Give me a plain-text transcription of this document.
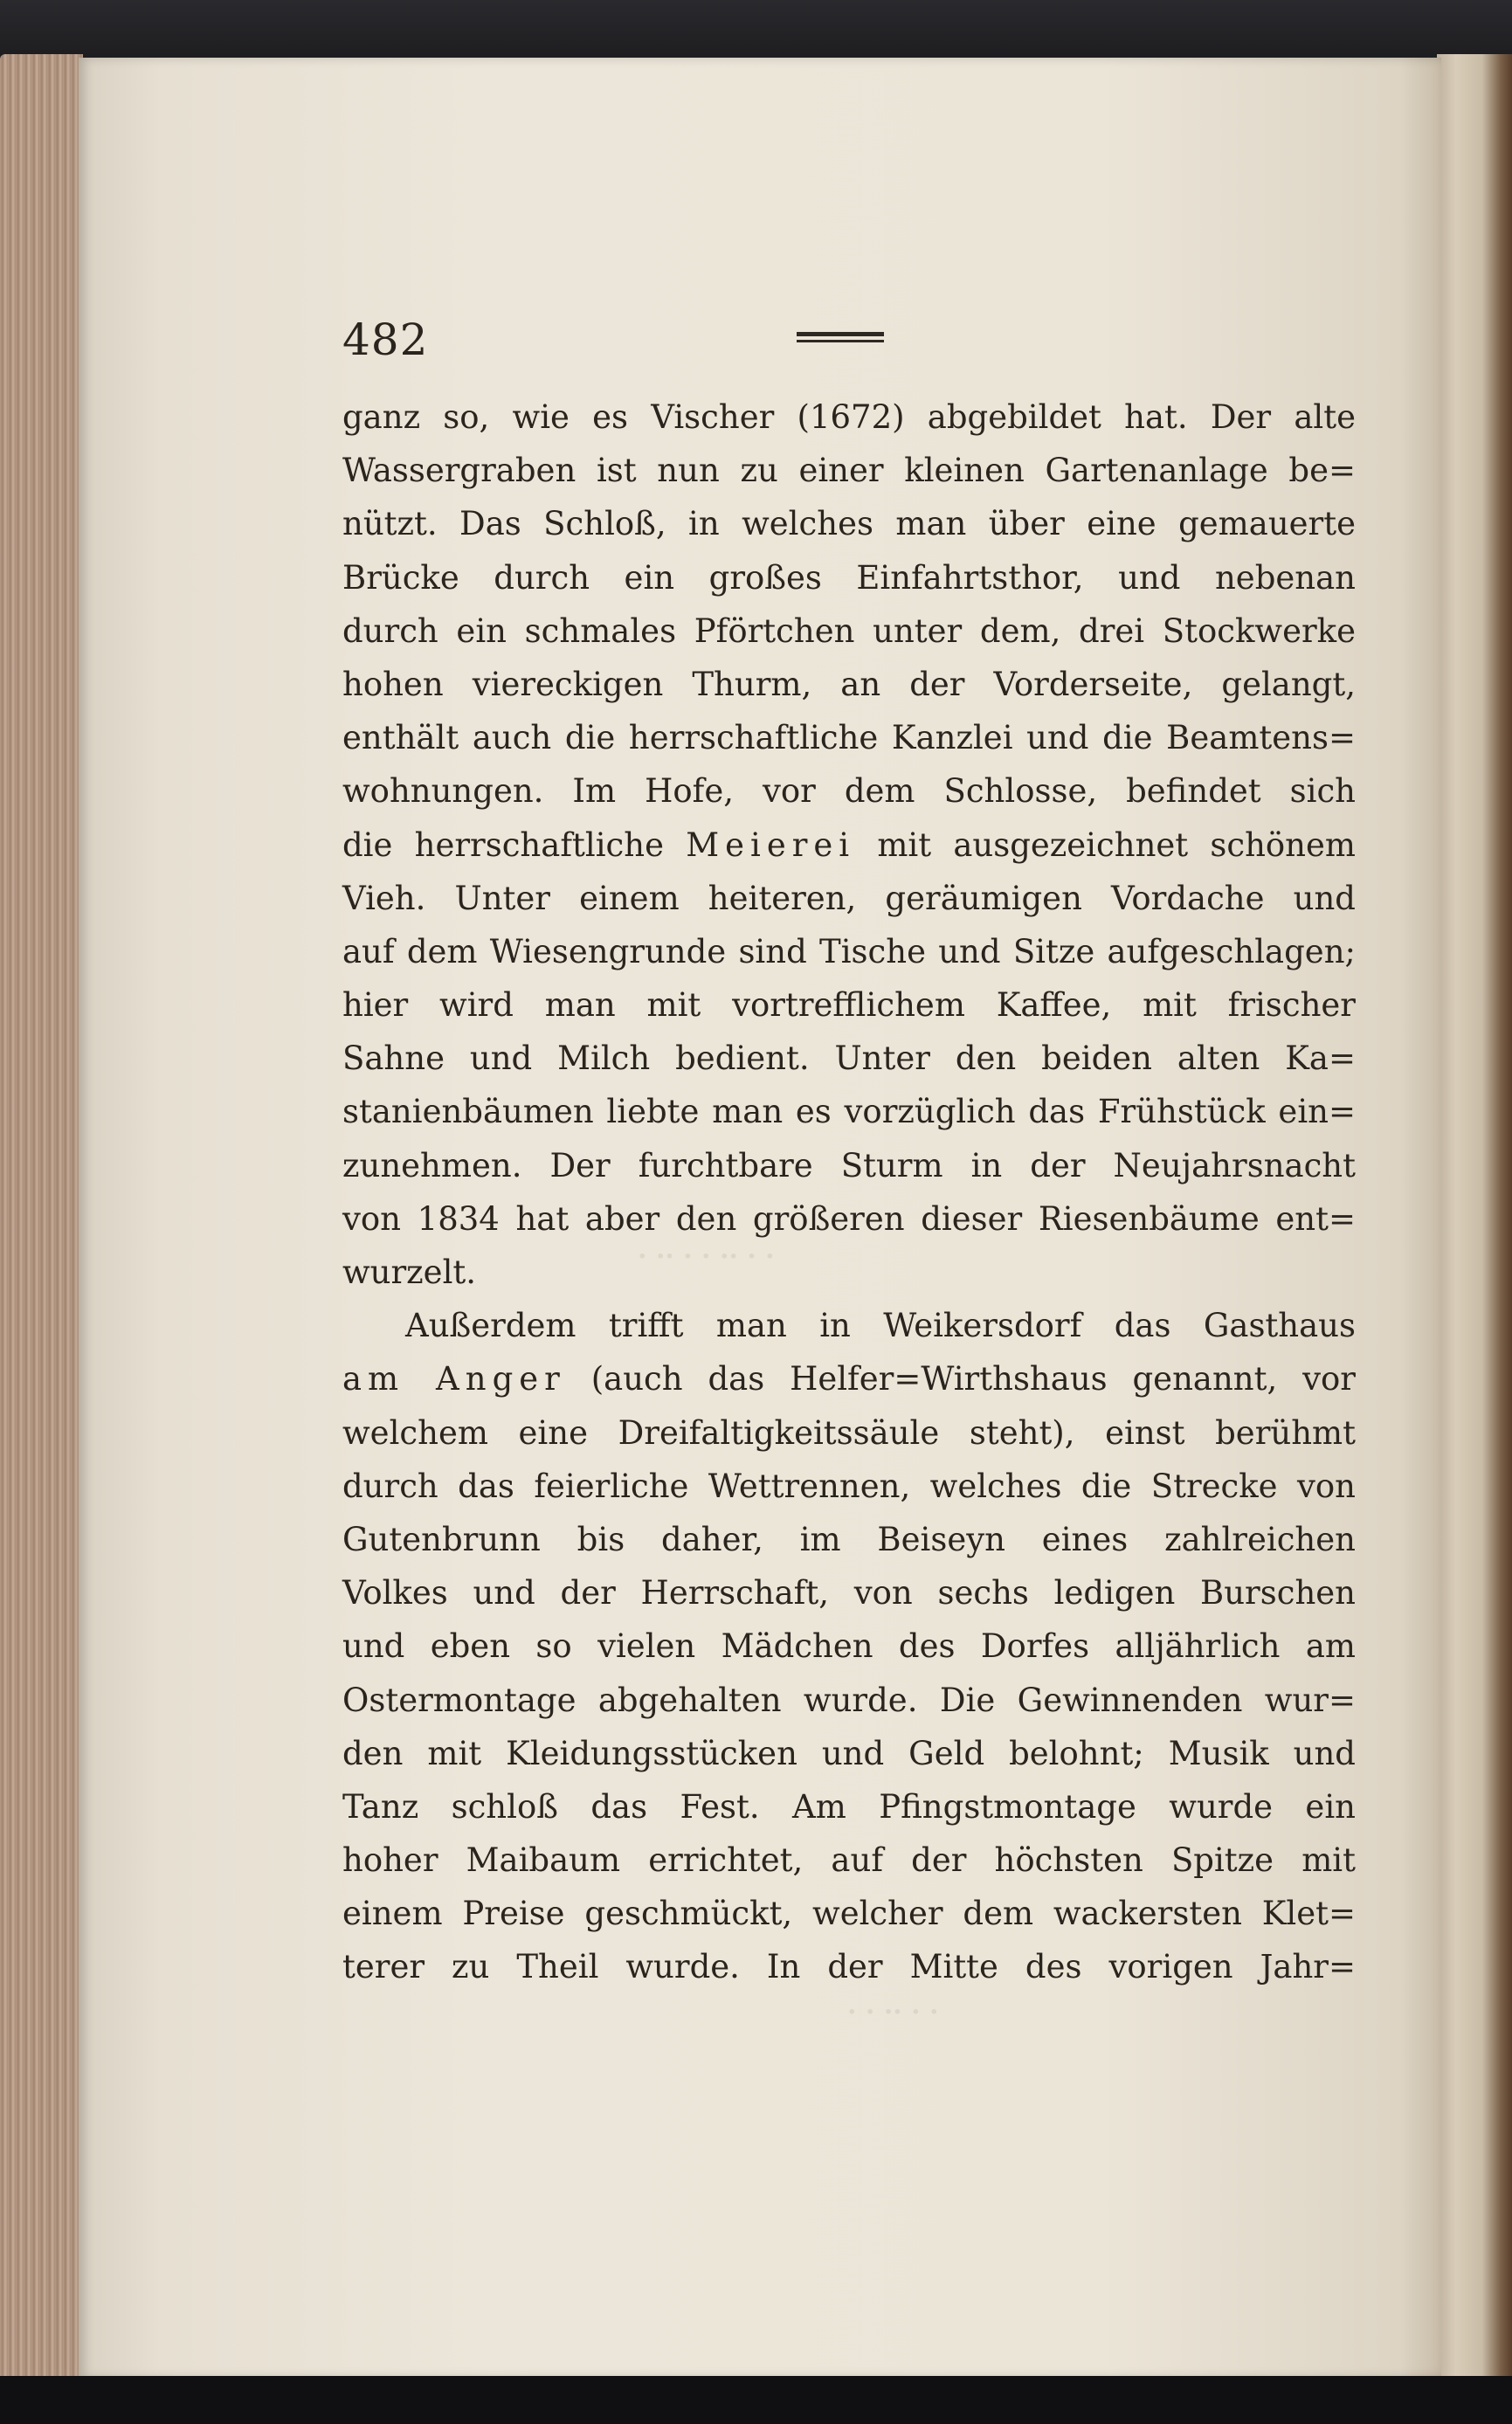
· · ·· · · ·· ·
· · ·· · ·
482
ganz so, wie es Vischer (1672) abgebildet hat. Der alte
Wassergraben ist nun zu einer kleinen Gartenanlage be=
nützt. Das Schloß, in welches man über eine gemauerte
Brücke durch ein großes Einfahrtsthor, und nebenan
durch ein schmales Pförtchen unter dem, drei Stockwerke
hohen viereckigen Thurm, an der Vorderseite, gelangt,
enthält auch die herrschaftliche Kanzlei und die Beamtens=
wohnungen. Im Hofe, vor dem Schlosse, befindet sich
die herrschaftliche Meierei mit ausgezeichnet schönem
Vieh. Unter einem heiteren, geräumigen Vordache und
auf dem Wiesengrunde sind Tische und Sitze aufgeschlagen;
hier wird man mit vortrefflichem Kaffee, mit frischer
Sahne und Milch bedient. Unter den beiden alten Ka=
stanienbäumen liebte man es vorzüglich das Frühstück ein=
zunehmen. Der furchtbare Sturm in der Neujahrsnacht
von 1834 hat aber den größeren dieser Riesenbäume ent=
wurzelt.
Außerdem trifft man in Weikersdorf das Gasthaus
am Anger (auch das Helfer=Wirthshaus genannt, vor
welchem eine Dreifaltigkeitssäule steht), einst berühmt
durch das feierliche Wettrennen, welches die Strecke von
Gutenbrunn bis daher, im Beiseyn eines zahlreichen
Volkes und der Herrschaft, von sechs ledigen Burschen
und eben so vielen Mädchen des Dorfes alljährlich am
Ostermontage abgehalten wurde. Die Gewinnenden wur=
den mit Kleidungsstücken und Geld belohnt; Musik und
Tanz schloß das Fest. Am Pfingstmontage wurde ein
hoher Maibaum errichtet, auf der höchsten Spitze mit
einem Preise geschmückt, welcher dem wackersten Klet=
terer zu Theil wurde. In der Mitte des vorigen Jahr=
